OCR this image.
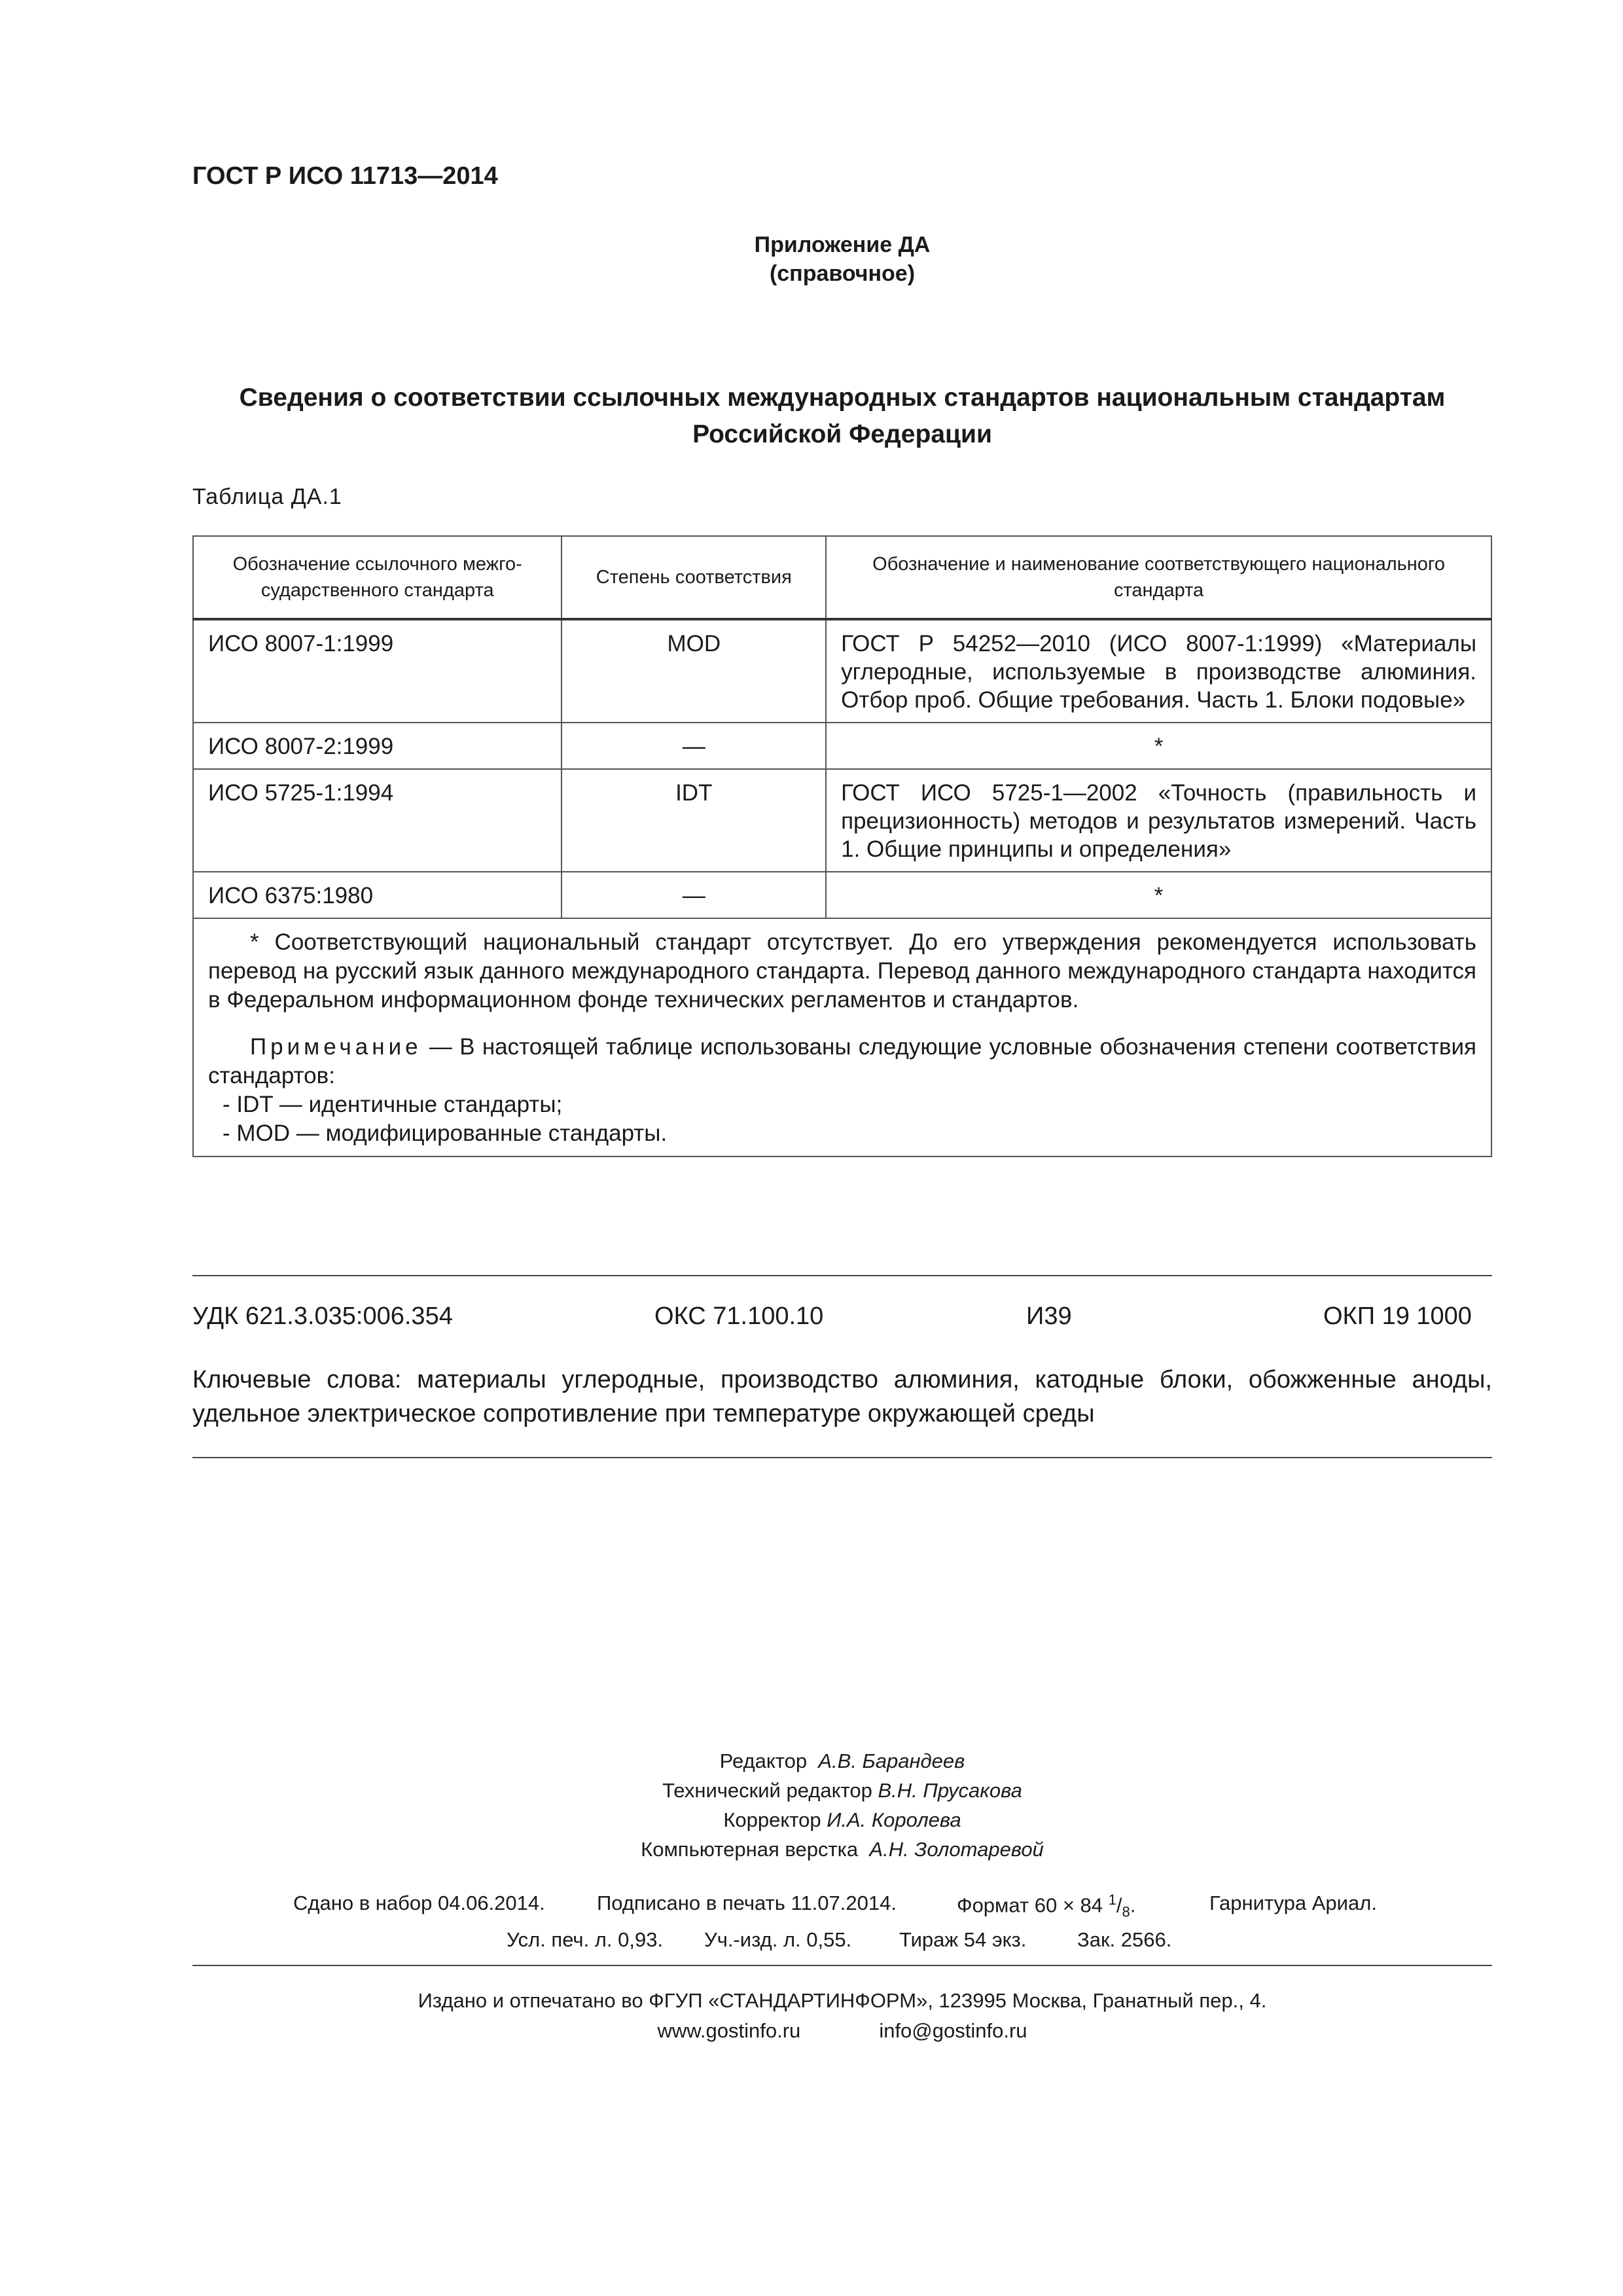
ГОСТ Р ИСО 11713—2014
Приложение ДА
(справочное)
Сведения о соответствии ссылочных международных стандартов национальным стандартам
Российской Федерации
Таблица ДА.1
Обозначение ссылочного межго-сударственного стандарта	Степень соответствия	Обозначение и наименование соответствующего национального стандарта
ИСО 8007-1:1999	MOD	ГОСТ Р 54252—2010 (ИСО 8007-1:1999) «Материалы углеродные, используемые в производстве алюминия. Отбор проб. Общие требования. Часть 1. Блоки подовые»
ИСО 8007-2:1999	—	*
ИСО 5725-1:1994	IDT	ГОСТ ИСО 5725-1—2002 «Точность (правильность и прецизионность) методов и результатов измерений. Часть 1. Общие принципы и определения»
ИСО 6375:1980	—	*

* Соответствующий национальный стандарт отсутствует. До его утверждения рекомендуется использовать перевод на русский язык данного международного стандарта. Перевод данного международного стандарта находится в Федеральном информационном фонде технических регламентов и стандартов.

Примечание — В настоящей таблице использованы следующие условные обозначения степени соответствия стандартов:

- IDT — идентичные стандарты;

- MOD — модифицированные стандарты.		

УДК 621.3.035:006.354	ОКС 71.100.10	И39	ОКП 19 1000
Ключевые слова: материалы углеродные, производство алюминия, катодные блоки, обожженные аноды, удельное электрическое сопротивление при температуре окружающей среды
Редактор А.В. Барандеев
Технический редактор В.Н. Прусакова
Корректор И.А. Королева
Компьютерная верстка А.Н. Золотаревой
Сдано в набор 04.06.2014.	Подписано в печать 11.07.2014.	Формат 60 × 84 $^1/_8$.	Гарнитура Ариал.
Усл. печ. л. 0,93. Уч.-изд. л. 0,55. Тираж 54 экз.	Зак. 2566.
Издано и отпечатано во ФГУП «СТАНДАРТИНФОРМ», 123995 Москва, Гранатный пер., 4.
www.gostinfo.ru	info@gostinfo.ru
